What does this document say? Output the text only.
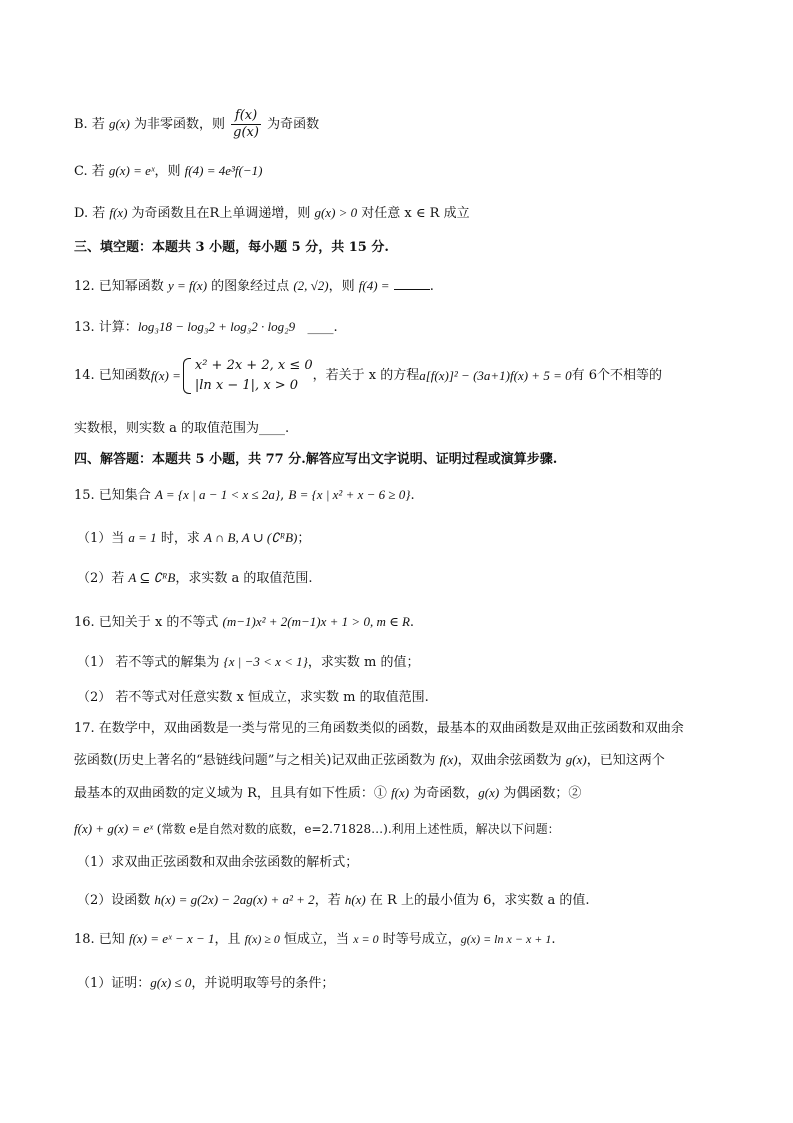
B. 若 g(x) 为非零函数，则 $\frac{f(x)}{g(x)}$ 为奇函数
C. 若 g(x) = eˣ，则 f(4) = 4e³f(−1)
D. 若 f(x) 为奇函数且在R上单调递增，则 g(x) > 0 对任意 x ∈ R 成立
三、填空题：本题共 3 小题，每小题 5 分，共 15 分.
12. 已知幂函数 y = f(x) 的图象经过点 (2, √2)，则 f(4) =	.
13. 计算：log₃18 − log₃2 + log₃2 · log₂9 ____.
14. 已知函数 f(x) =
x² + 2x + 2, x ≤ 0
|ln x − 1|, x > 0
，若关于 x 的方程 a[f(x)]² − (3a+1)f(x) + 5 = 0 有 6个不相等的
实数根，则实数 a 的取值范围为____.
四、解答题：本题共 5 小题，共 77 分.解答应写出文字说明、证明过程或演算步骤.
15. 已知集合 A = {x | a − 1 < x ≤ 2a}, B = {x | x² + x − 6 ≥ 0}.
（1）当 a = 1 时，求 A ∩ B, A ∪ (∁ᴿB)；
（2）若 A ⊆ ∁ᴿB，求实数 a 的取值范围.
16. 已知关于 x 的不等式 (m−1)x² + 2(m−1)x + 1 > 0, m ∈ R.
（1） 若不等式的解集为 {x | −3 < x < 1}，求实数 m 的值；
（2） 若不等式对任意实数 x 恒成立，求实数 m 的取值范围.
17. 在数学中，双曲函数是一类与常见的三角函数类似的函数，最基本的双曲函数是双曲正弦函数和双曲余
弦函数(历史上著名的“悬链线问题”与之相关)记双曲正弦函数为 f(x)，双曲余弦函数为 g(x)，已知这两个
最基本的双曲函数的定义域为 R，且具有如下性质：① f(x) 为奇函数，g(x) 为偶函数；②
f(x) + g(x) = eˣ (常数 e是自然对数的底数，e=2.71828…).利用上述性质，解决以下问题：
（1）求双曲正弦函数和双曲余弦函数的解析式；
（2）设函数 h(x) = g(2x) − 2ag(x) + a² + 2，若 h(x) 在 R 上的最小值为 6，求实数 a 的值.
18. 已知 f(x) = eˣ − x − 1，且 f(x) ≥ 0 恒成立，当 x = 0 时等号成立，g(x) = ln x − x + 1.
（1）证明：g(x) ≤ 0，并说明取等号的条件；
